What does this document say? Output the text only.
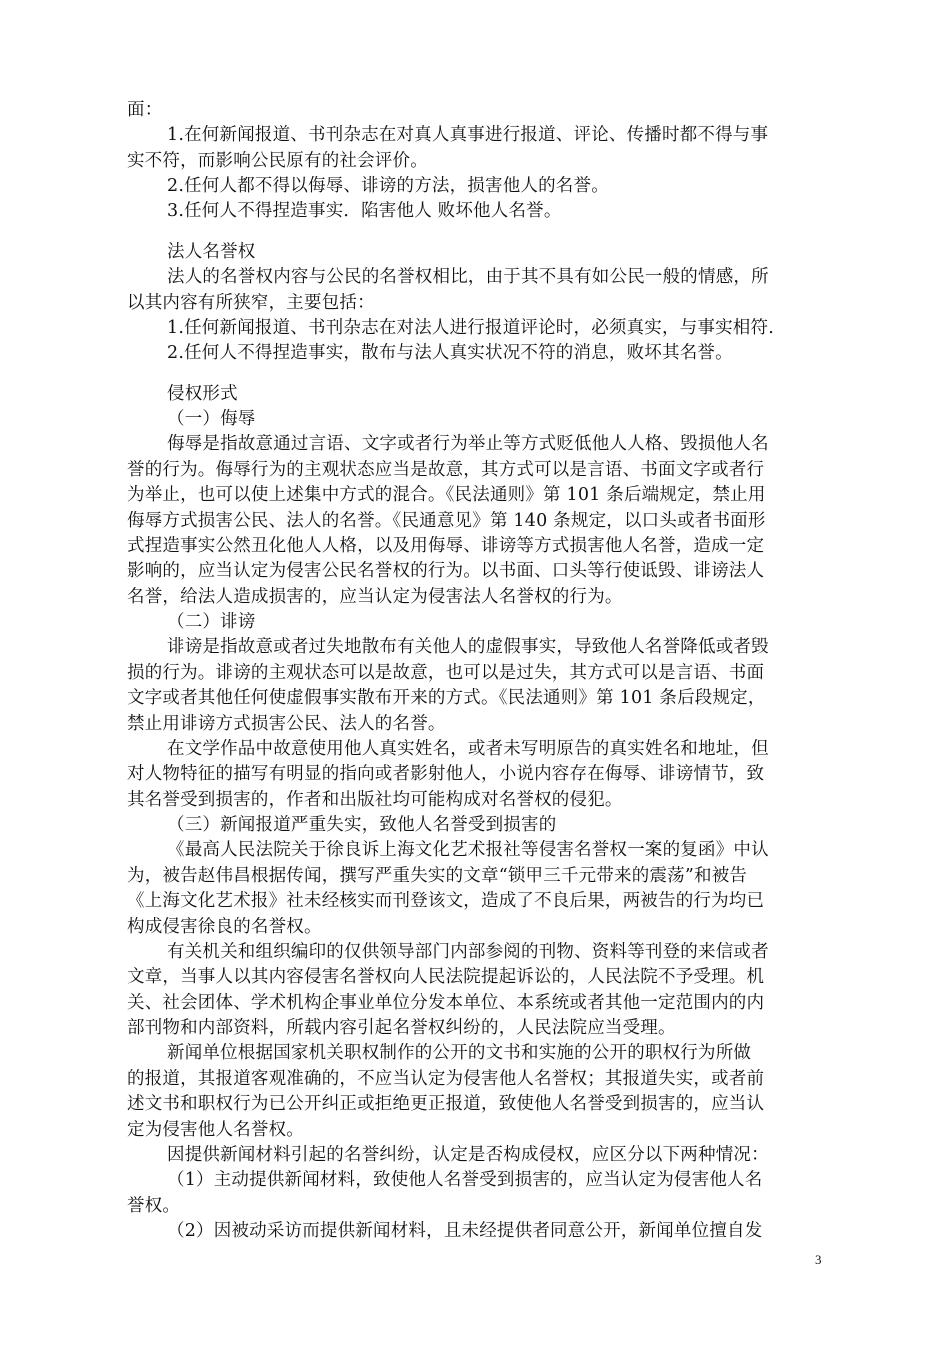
面：
1.在何新闻报道、书刊杂志在对真人真事进行报道、评论、传播时都不得与事
实不符，而影响公民原有的社会评价。
2.任何人都不得以侮辱、诽谤的方法，损害他人的名誉。
3.任何人不得捏造事实．陷害他人 败坏他人名誉。
法人名誉权
法人的名誉权内容与公民的名誉权相比，由于其不具有如公民一般的情感，所
以其内容有所狭窄，主要包括：
1.任何新闻报道、书刊杂志在对法人进行报道评论时，必须真实，与事实相符.
2.任何人不得捏造事实，散布与法人真实状况不符的消息，败坏其名誉。
侵权形式
（一）侮辱
侮辱是指故意通过言语、文字或者行为举止等方式贬低他人人格、毁损他人名
誉的行为。侮辱行为的主观状态应当是故意，其方式可以是言语、书面文字或者行
为举止，也可以使上述集中方式的混合。《民法通则》第 101 条后端规定，禁止用
侮辱方式损害公民、法人的名誉。《民通意见》第 140 条规定，以口头或者书面形
式捏造事实公然丑化他人人格，以及用侮辱、诽谤等方式损害他人名誉，造成一定
影响的，应当认定为侵害公民名誉权的行为。以书面、口头等行使诋毁、诽谤法人
名誉，给法人造成损害的，应当认定为侵害法人名誉权的行为。
（二）诽谤
诽谤是指故意或者过失地散布有关他人的虚假事实，导致他人名誉降低或者毁
损的行为。诽谤的主观状态可以是故意，也可以是过失，其方式可以是言语、书面
文字或者其他任何使虚假事实散布开来的方式。《民法通则》第 101 条后段规定，
禁止用诽谤方式损害公民、法人的名誉。
在文学作品中故意使用他人真实姓名，或者未写明原告的真实姓名和地址，但
对人物特征的描写有明显的指向或者影射他人，小说内容存在侮辱、诽谤情节，致
其名誉受到损害的，作者和出版社均可能构成对名誉权的侵犯。
（三）新闻报道严重失实，致他人名誉受到损害的
《最高人民法院关于徐良诉上海文化艺术报社等侵害名誉权一案的复函》中认
为，被告赵伟昌根据传闻，撰写严重失实的文章“锁甲三千元带来的震荡”和被告
《上海文化艺术报》社未经核实而刊登该文，造成了不良后果，两被告的行为均已
构成侵害徐良的名誉权。
有关机关和组织编印的仅供领导部门内部参阅的刊物、资料等刊登的来信或者
文章，当事人以其内容侵害名誉权向人民法院提起诉讼的，人民法院不予受理。机
关、社会团体、学术机构企事业单位分发本单位、本系统或者其他一定范围内的内
部刊物和内部资料，所载内容引起名誉权纠纷的，人民法院应当受理。
新闻单位根据国家机关职权制作的公开的文书和实施的公开的职权行为所做
的报道，其报道客观准确的，不应当认定为侵害他人名誉权；其报道失实，或者前
述文书和职权行为已公开纠正或拒绝更正报道，致使他人名誉受到损害的，应当认
定为侵害他人名誉权。
因提供新闻材料引起的名誉纠纷，认定是否构成侵权，应区分以下两种情况：
（1）主动提供新闻材料，致使他人名誉受到损害的，应当认定为侵害他人名
誉权。
（2）因被动采访而提供新闻材料，且未经提供者同意公开，新闻单位擅自发
3
